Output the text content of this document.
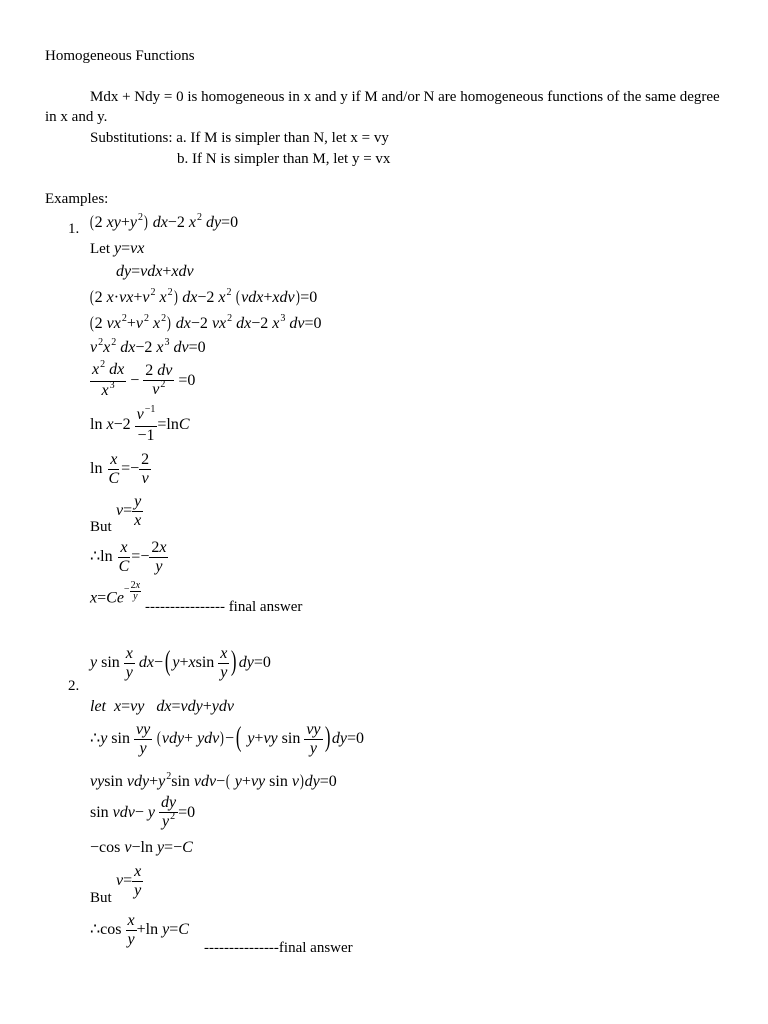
Homogeneous Functions
Mdx + Ndy = 0 is homogeneous in x and y if M and/or N are homogeneous functions of the same degree
in x and y.
Substitutions: a. If M is simpler than N, let x = vy
b. If N is simpler than M, let y = vx
Examples:
1. (2 $xy+y^2$) dx−2 $x^2$ dy=0
Let y=vx
dy=vdx+xdv
(2 $x\cdot vx+v^2$ $x^2$) dx−2 $x^2$ (vdx+xdv)=0
(2 $vx^2+v^2$ $x^2$) dx−2 $vx^2$ dx−2 $x^3$ dv=0
$v^2x^2$ dx−2 $x^3$ dv=0
$\frac{x^2 dx}{x^3} - \frac{2 dv}{v^2} =0$
$\ln x-2 \frac{v^{-1}}{-1} =\ln C$
$\ln \frac{x}{C} =- \frac{2}{v}$
$v= \frac{y}{x}$
But
∴ln $\frac{x}{C} =- \frac{2x}{y}$
$x=Ce^{- \frac{2x}{y}}$
---------------- final answer
2.
y $\sin \frac{x}{y} dx-$( $y+xsin \frac{x}{y}$ ) dy=0
let x=vy dx=vdy+ydv
∴y $\sin \frac{vy}{y} (vdy+ ydv)-$( y+vy $\sin \frac{vy}{y}$ ) dy=0
vysin $vdy+y^2\sin$ vdv−( y+vy sin v)dy=0
sin vdv− y $\frac{dy}{y^2} =0$
−cos v−ln y=−C
$v= \frac{x}{y}$
But
∴cos $\frac{x}{y} +\ln$ y=C
---------------final answer
